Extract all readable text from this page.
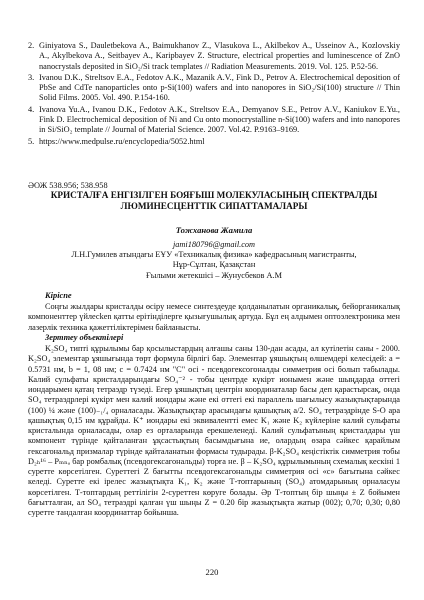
2. Giniyatova S., Dauletbekova A., Baimukhanov Z., Vlasukova L., Akilbekov A., Usseinov A., Kozlovskiy A., Akylbekova A., Seitbayev A., Karipbayev Z. Structure, electrical properties and luminescence of ZnO nanocrystals deposited in SiO₂/Si track templates // Radiation Measurements. 2019. Vol. 125. P.52-56.
3. Ivanou D.K., Streltsov E.A., Fedotov A.K., Mazanik A.V., Fink D., Petrov A. Electrochemical deposition of PbSe and CdTe nanoparticles onto p-Si(100) wafers and into nanopores in SiO₂/Si(100) structure // Thin Solid Films. 2005. Vol. 490. P.154-160.
4. Ivanova Yu.A., Ivanou D.K., Fedotov A.K., Streltsov E.A., Demyanov S.E., Petrov A.V., Kaniukov E.Yu., Fink D. Electrochemical deposition of Ni and Cu onto monocrystalline n-Si(100) wafers and into nanopores in Si/SiO₂ template // Journal of Material Science. 2007. Vol.42. P.9163–9169.
5. https://www.medpulse.ru/encyclopedia/5052.html
ӘОЖ 538.956; 538.958
КРИСТАЛҒА ЕНГІЗІЛГЕН БОЯҒЫШ МОЛЕКУЛАСЫНЫҢ СПЕКТРАЛДЫ
ЛЮМИНЕСЦЕНТТІК СИПАТТАМАЛАРЫ
Тожханова Жамила
jami180796@gmail.com
Л.Н.Гумилев атындағы ЕҰУ «Техникалық физика» кафедрасының магистранты,
Нұр-Сұлтан, Қазақстан
Ғылыми жетекшісі – Жунусбеков А.М
Кіріспе
Соңғы жылдары кристалды өсіру немесе синтездеуде қолданылатын органикалық, бейорганикалық компоненттер үйлесken қатты ерітінділерге қызығушылық артуда. Бұл ең алдымен оптоэлектроника мен лазерлік техника қажеттіліктерімен байланысты.
Зерттеу объектілері
K₂SO₄ типті құрылымы бар қосылыстардың алғашы саны 130-дан асады, ал кутілетін саны - 2000. K₂SO₄ элементар ұяшығында төрт формула бірлігі бар. Элементар ұяшықтың өлшемдері келесідей: a = 0.5731 нм, b = 1, 08 нм; c = 0.7424 нм "C" осі - псевдогексогоналды симметрия осі болып табылады. Калий сульфаты кристалдарындағы SO₄⁻² - тобы центрде күкірт ионымен және шыңдарда оттегі иондарымен қатаң тетраэдр түзеді. Егер ұяшықтың центрін координаталар басы деп қарастырсақ, онда SO₄ тетраэдрлері күкірт мен калий иондары және екі оттегі екі параллель шағылысу жазықтықтарында (100) ¼ және (100)₋₁/₄ орналасады. Жазықтықтар арасындағы қашықтық a/2. SO₄ тетраэдрінде S-O ара қашықтық 0,15 нм құрайды. K⁺ иондары екі эквивалентті емес K₁ және K₂ күйлеріне калий сульфаты кристалында орналасады, олар ез орталарында ерекшеленеді. Калий сульфатының кристалдары үш компонент түрінде қайталанған ұқсастықтың басымдығына ие, олардың өзара сәйкес қарайлым гексагональд призмалар түрінде қайталанатын формасы тудырады. β-K₂SO₄ кеңістіктік симметрия тобы D₂ₕ¹⁶ – Pₘₙₐ бар ромбалық (псевдогексагональды) торға не. β – K₂SO₄ құрылымының схемалық кескіні 1 суретте көрсетілген. Суреттегі Z бағытты псевдогексагональды симметрия осі «c» бағытына сәйкес келеді. Суретте екі ірелес жазықтықта K₁, K₂ және Т-топтарының (SO₄) атомдарының орналасуы көрсетілген. Т-топтардың реттілігін 2-суреттен көруге болады. Әр Т-топтың бір шыңы ± Z бойымен бағытталған, ал SO₄ тетраэдрі қалған үш шыңы Z = 0.20 бір жазықтықта жатыр (002); 0,70; 0,30; 0,80 суретте тандалған координаттар бойынша.
220
